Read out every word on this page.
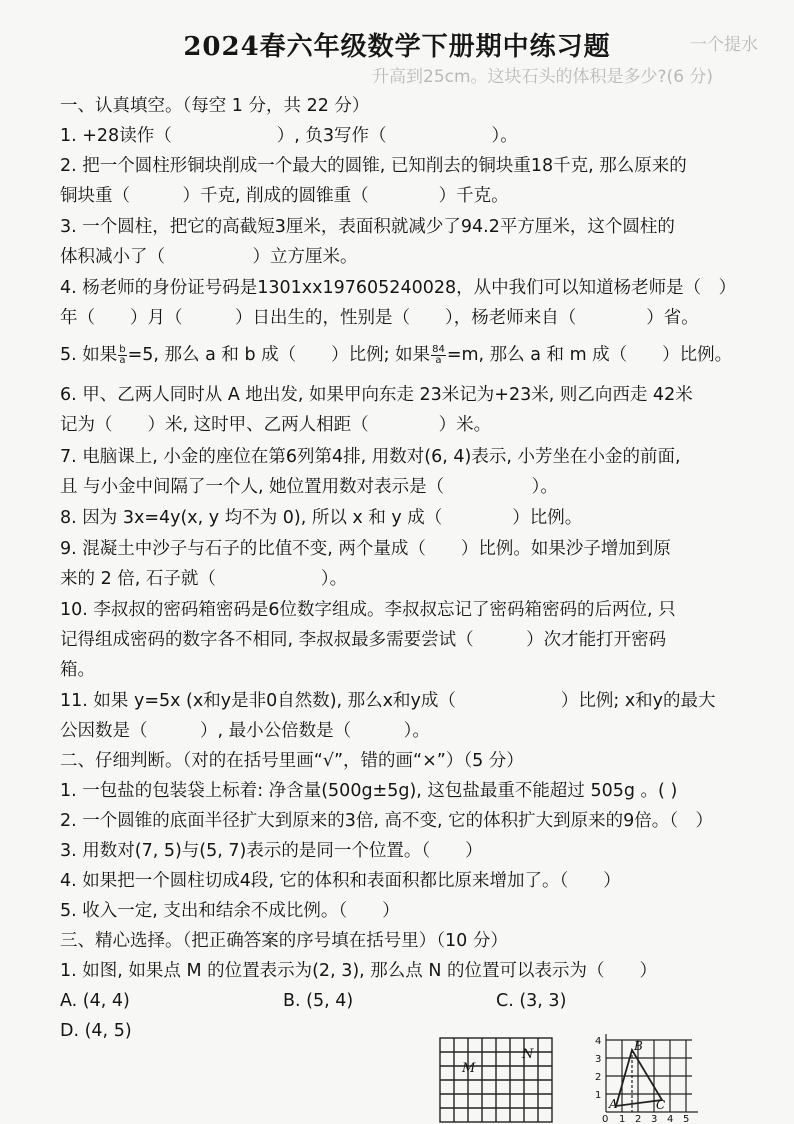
一个提水
升高到25cm。这块石头的体积是多少?(6 分)
2024春六年级数学下册期中练习题
一、认真填空。（每空 1 分，共 22 分）
1. +28读作（　　　　　　）, 负3写作（　　　　　　）。
2. 把一个圆柱形铜块削成一个最大的圆锥, 已知削去的铜块重18千克, 那么原来的
铜块重（　　　）千克, 削成的圆锥重（　　　　）千克。
3. 一个圆柱，把它的高截短3厘米，表面积就减少了94.2平方厘米，这个圆柱的
体积减小了（　　　　　）立方厘米。
4. 杨老师的身份证号码是1301xx197605240028，从中我们可以知道杨老师是（　）
年（　　）月（　　　）日出生的，性别是（　　），杨老师来自（　　　　）省。
5. 如果 $\frac{b}{a} =5$, 那么 a 和 b 成（　　）比例; 如果 $\frac{84}{a} =m$, 那么 a 和 m 成（　　）比例。
6. 甲、乙两人同时从 A 地出发, 如果甲向东走 23米记为+23米, 则乙向西走 42米
记为（　　）米, 这时甲、乙两人相距（　　　　）米。
7. 电脑课上, 小金的座位在第6列第4排, 用数对(6, 4)表示, 小芳坐在小金的前面,
且 与小金中间隔了一个人, 她位置用数对表示是（　　　　　）。
8. 因为 3x=4y(x, y 均不为 0), 所以 x 和 y 成（　　　　）比例。
9. 混凝土中沙子与石子的比值不变, 两个量成（　　）比例。如果沙子增加到原
来的 2 倍, 石子就（　　　　　　）。
10. 李叔叔的密码箱密码是6位数字组成。李叔叔忘记了密码箱密码的后两位, 只
记得组成密码的数字各不相同, 李叔叔最多需要尝试（　　　）次才能打开密码
箱。
11. 如果 y=5x (x和y是非0自然数), 那么x和y成（　　　　　　）比例; x和y的最大
公因数是（　　　）, 最小公倍数是（　　　）。
二、仔细判断。（对的在括号里画“√”，错的画“×”）（5 分）
1. 一包盐的包装袋上标着: 净含量(500g±5g), 这包盐最重不能超过 505g 。( )
2. 一个圆锥的底面半径扩大到原来的3倍, 高不变, 它的体积扩大到原来的9倍。（　）
3. 用数对(7, 5)与(5, 7)表示的是同一个位置。（　　）
4. 如果把一个圆柱切成4段, 它的体积和表面积都比原来增加了。（　　）
5. 收入一定, 支出和结余不成比例。（　　）
三、精心选择。（把正确答案的序号填在括号里）（10 分）
1. 如图, 如果点 M 的位置表示为(2, 3), 那么点 N 的位置可以表示为（　　）
A. (4, 4)	B. (5, 4)	C. (3, 3)
D. (4, 5)
M
N
B
A	C
0 1 2 3 4 5
1
2
3
4
